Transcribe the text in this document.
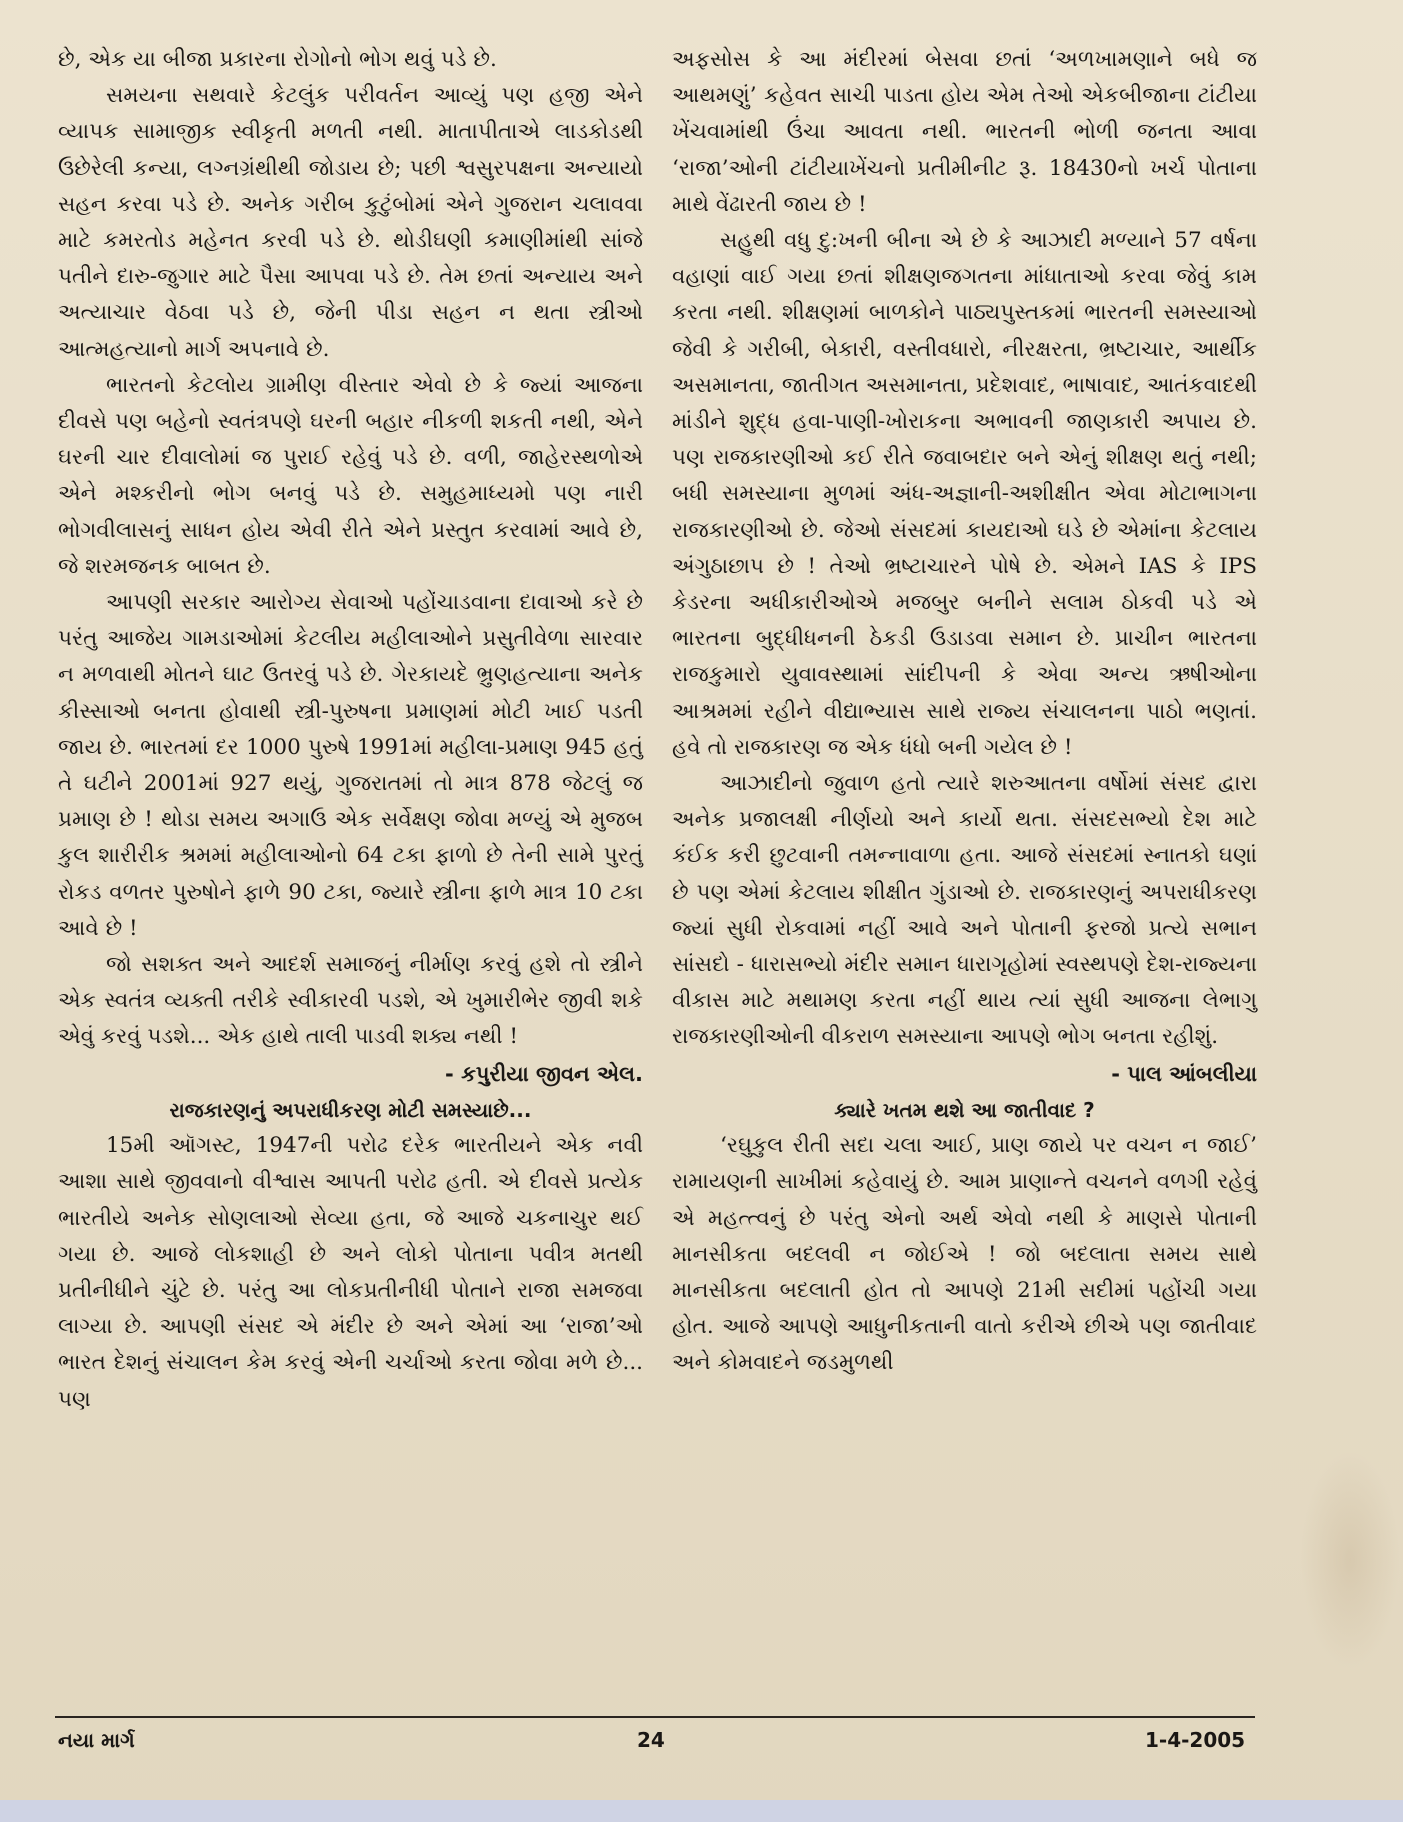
છે, એક યા બીજા પ્રકારના રોગોનો ભોગ થવું પડે છે.

સમયના સથવારે કેટલુંક પરીવર્તન આવ્યું પણ હજી એને વ્યાપક સામાજીક સ્વીકૃતી મળતી નથી. માતાપીતાએ લાડકોડથી ઉછેરેલી કન્યા, લગ્નગ્રંથીથી જોડાય છે; પછી શ્વસુરપક્ષના અન્યાયો સહન કરવા પડે છે. અનેક ગરીબ કુટુંબોમાં એને ગુજરાન ચલાવવા માટે કમરતોડ મહેનત કરવી પડે છે. થોડીઘણી કમાણીમાંથી સાંજે પતીને દારુ-જુગાર માટે પૈસા આપવા પડે છે. તેમ છતાં અન્યાય અને અત્યાચાર વેઠવા પડે છે, જેની પીડા સહન ન થતા સ્ત્રીઓ આત્મહત્યાનો માર્ગ અપનાવે છે.

ભારતનો કેટલોય ગ્રામીણ વીસ્તાર એવો છે કે જ્યાં આજના દીવસે પણ બહેનો સ્વતંત્રપણે ઘરની બહાર નીકળી શકતી નથી, એને ઘરની ચાર દીવાલોમાં જ પુરાઈ રહેવું પડે છે. વળી, જાહેરસ્થળોએ એને મશ્કરીનો ભોગ બનવું પડે છે. સમુહમાધ્યમો પણ નારી ભોગવીલાસનું સાધન હોય એવી રીતે એને પ્રસ્તુત કરવામાં આવે છે, જે શરમજનક બાબત છે.

આપણી સરકાર આરોગ્ય સેવાઓ પહોંચાડવાના દાવાઓ કરે છે પરંતુ આજેય ગામડાઓમાં કેટલીય મહીલાઓને પ્રસુતીવેળા સારવાર ન મળવાથી મોતને ઘાટ ઉતરવું પડે છે. ગેરકાયદે ભ્રુણહત્યાના અનેક કીસ્સાઓ બનતા હોવાથી સ્ત્રી-પુરુષના પ્રમાણમાં મોટી ખાઈ પડતી જાય છે. ભારતમાં દર 1000 પુરુષે 1991માં મહીલા-પ્રમાણ 945 હતું તે ઘટીને 2001માં 927 થયું, ગુજરાતમાં તો માત્ર 878 જેટલું જ પ્રમાણ છે ! થોડા સમય અગાઉ એક સર્વેક્ષણ જોવા મળ્યું એ મુજબ કુલ શારીરીક શ્રમમાં મહીલાઓનો 64 ટકા ફાળો છે તેની સામે પુરતું રોકડ વળતર પુરુષોને ફાળે 90 ટકા, જ્યારે સ્ત્રીના ફાળે માત્ર 10 ટકા આવે છે !

જો સશક્ત અને આદર્શ સમાજનું નીર્માણ કરવું હશે તો સ્ત્રીને એક સ્વતંત્ર વ્યક્તી તરીકે સ્વીકારવી પડશે, એ ખુમારીભેર જીવી શકે એવું કરવું પડશે... એક હાથે તાલી પાડવી શક્ય નથી !

- કપુરીયા જીવન એલ.

રાજકારણનું અપરાધીકરણ મોટી સમસ્યા‌છે...

15મી ઑગસ્ટ, 1947ની પરોઢ દરેક ભારતીયને એક નવી આશા સાથે જીવવાનો વીશ્વાસ આપતી પરોઢ હતી. એ દીવસે પ્રત્યેક ભારતીયે અનેક સોણલાઓ સેવ્યા હતા, જે આજે ચકનાચુર થઈ ગયા છે. આજે લોકશાહી છે અને લોકો પોતાના પવીત્ર મતથી પ્રતીનીધીને ચુંટે છે. પરંતુ આ લોકપ્રતીનીધી પોતાને રાજા સમજવા લાગ્યા છે. આપણી સંસદ એ મંદીર છે અને એમાં આ ‘રાજા’ઓ ભારત દેશનું સંચાલન કેમ કરવું એની ચર્ચાઓ કરતા જોવા મળે છે... પણ

અફસોસ કે આ મંદીરમાં બેસવા છતાં ‘અળખામણાને બધે જ આથમણું’ કહેવત સાચી પાડતા હોય એમ તેઓ એકબીજાના ટાંટીયા ખેંચવામાંથી ઉંચા આવતા નથી. ભારતની ભોળી જનતા આવા ‘રાજા’ઓની ટાંટીયાખેંચનો પ્રતીમીનીટ રૂ. 18430નો ખર્ચ પોતાના માથે વેંઢારતી જાય છે !

સહુથી વધુ દુ:ખની બીના એ છે કે આઝાદી મળ્યાને 57 વર્ષના વહાણાં વાઈ ગયા છતાં શીક્ષણજગતના માંધાતાઓ કરવા જેવું કામ કરતા નથી. શીક્ષણમાં બાળકોને પાઠ્યપુસ્તકમાં ભારતની સમસ્યાઓ જેવી કે ગરીબી, બેકારી, વસ્તીવધારો, નીરક્ષરતા, ભ્રષ્ટાચાર, આર્થીક અસમાનતા, જાતીગત અસમાનતા, પ્રદેશવાદ, ભાષાવાદ, આતંકવાદથી માંડીને શુદ્ધ હવા-પાણી-ખોરાકના અભાવની જાણકારી અપાય છે. પણ રાજકારણીઓ કઈ રીતે જવાબદાર બને એનું શીક્ષણ થતું નથી; બધી સમસ્યાના મુળમાં અંધ-અજ્ઞાની-અશીક્ષીત એવા મોટાભાગના રાજકારણીઓ છે. જેઓ સંસદમાં કાયદાઓ ઘડે છે એમાંના કેટલાય અંગુઠાછાપ છે ! તેઓ ભ્રષ્ટાચારને પોષે છે. એમને IAS કે IPS કેડરના અધીકારીઓએ મજબુર બનીને સલામ ઠોકવી પડે એ ભારતના બુદ્ધીધનની ઠેકડી ઉડાડવા સમાન છે. પ્રાચીન ભારતના રાજકુમારો યુવાવસ્થામાં સાંદીપની કે એવા અન્ય ઋષીઓના આશ્રમમાં રહીને વીદ્યાભ્યાસ સાથે રાજ્ય સંચાલનના પાઠો ભણતાં. હવે તો રાજકારણ જ એક ધંધો બની ગયેલ છે !

આઝાદીનો જુવાળ હતો ત્યારે શરુઆતના વર્ષોમાં સંસદ દ્વારા અનેક પ્રજાલક્ષી નીર્ણયો અને કાર્યો થતા. સંસદસભ્યો દેશ માટે કંઈક કરી છુટવાની તમન્નાવાળા હતા. આજે સંસદમાં સ્નાતકો ઘણાં છે પણ એમાં કેટલાય શીક્ષીત ગુંડાઓ છે. રાજકારણનું અપરાધીકરણ જ્યાં સુધી રોકવામાં નહીં આવે અને પોતાની ફરજો પ્રત્યે સભાન સાંસદો - ધારાસભ્યો મંદીર સમાન ધારાગૃહોમાં સ્વસ્થપણે દેશ-રાજ્યના વીકાસ માટે મથામણ કરતા નહીં થાય ત્યાં સુધી આજના લેભાગુ રાજકારણીઓની વીકરાળ સમસ્યાના આપણે ભોગ બનતા રહીશું.

- પાલ આંબલીયા

ક્યારે ખતમ થશે આ જાતીવાદ ?

‘રઘુકુલ રીતી સદા ચલા આઈ, પ્રાણ જાયે પર વચન ન જાઈ’ રામાયણની સાખીમાં કહેવાયું છે. આમ પ્રાણાન્તે વચનને વળગી રહેવું એ મહત્ત્વનું છે પરંતુ એનો અર્થ એવો નથી કે માણસે પોતાની માનસીકતા બદલવી ન જોઈએ ! જો બદલાતા સમય સાથે માનસીકતા બદલાતી હોત તો આપણે 21મી સદીમાં પહોંચી ગયા હોત. આજે આપણે આધુનીકતાની વાતો કરીએ છીએ પણ જાતીવાદ અને કોમવાદને જડમુળથી

નયા માર્ગ	24	1-4-2005
